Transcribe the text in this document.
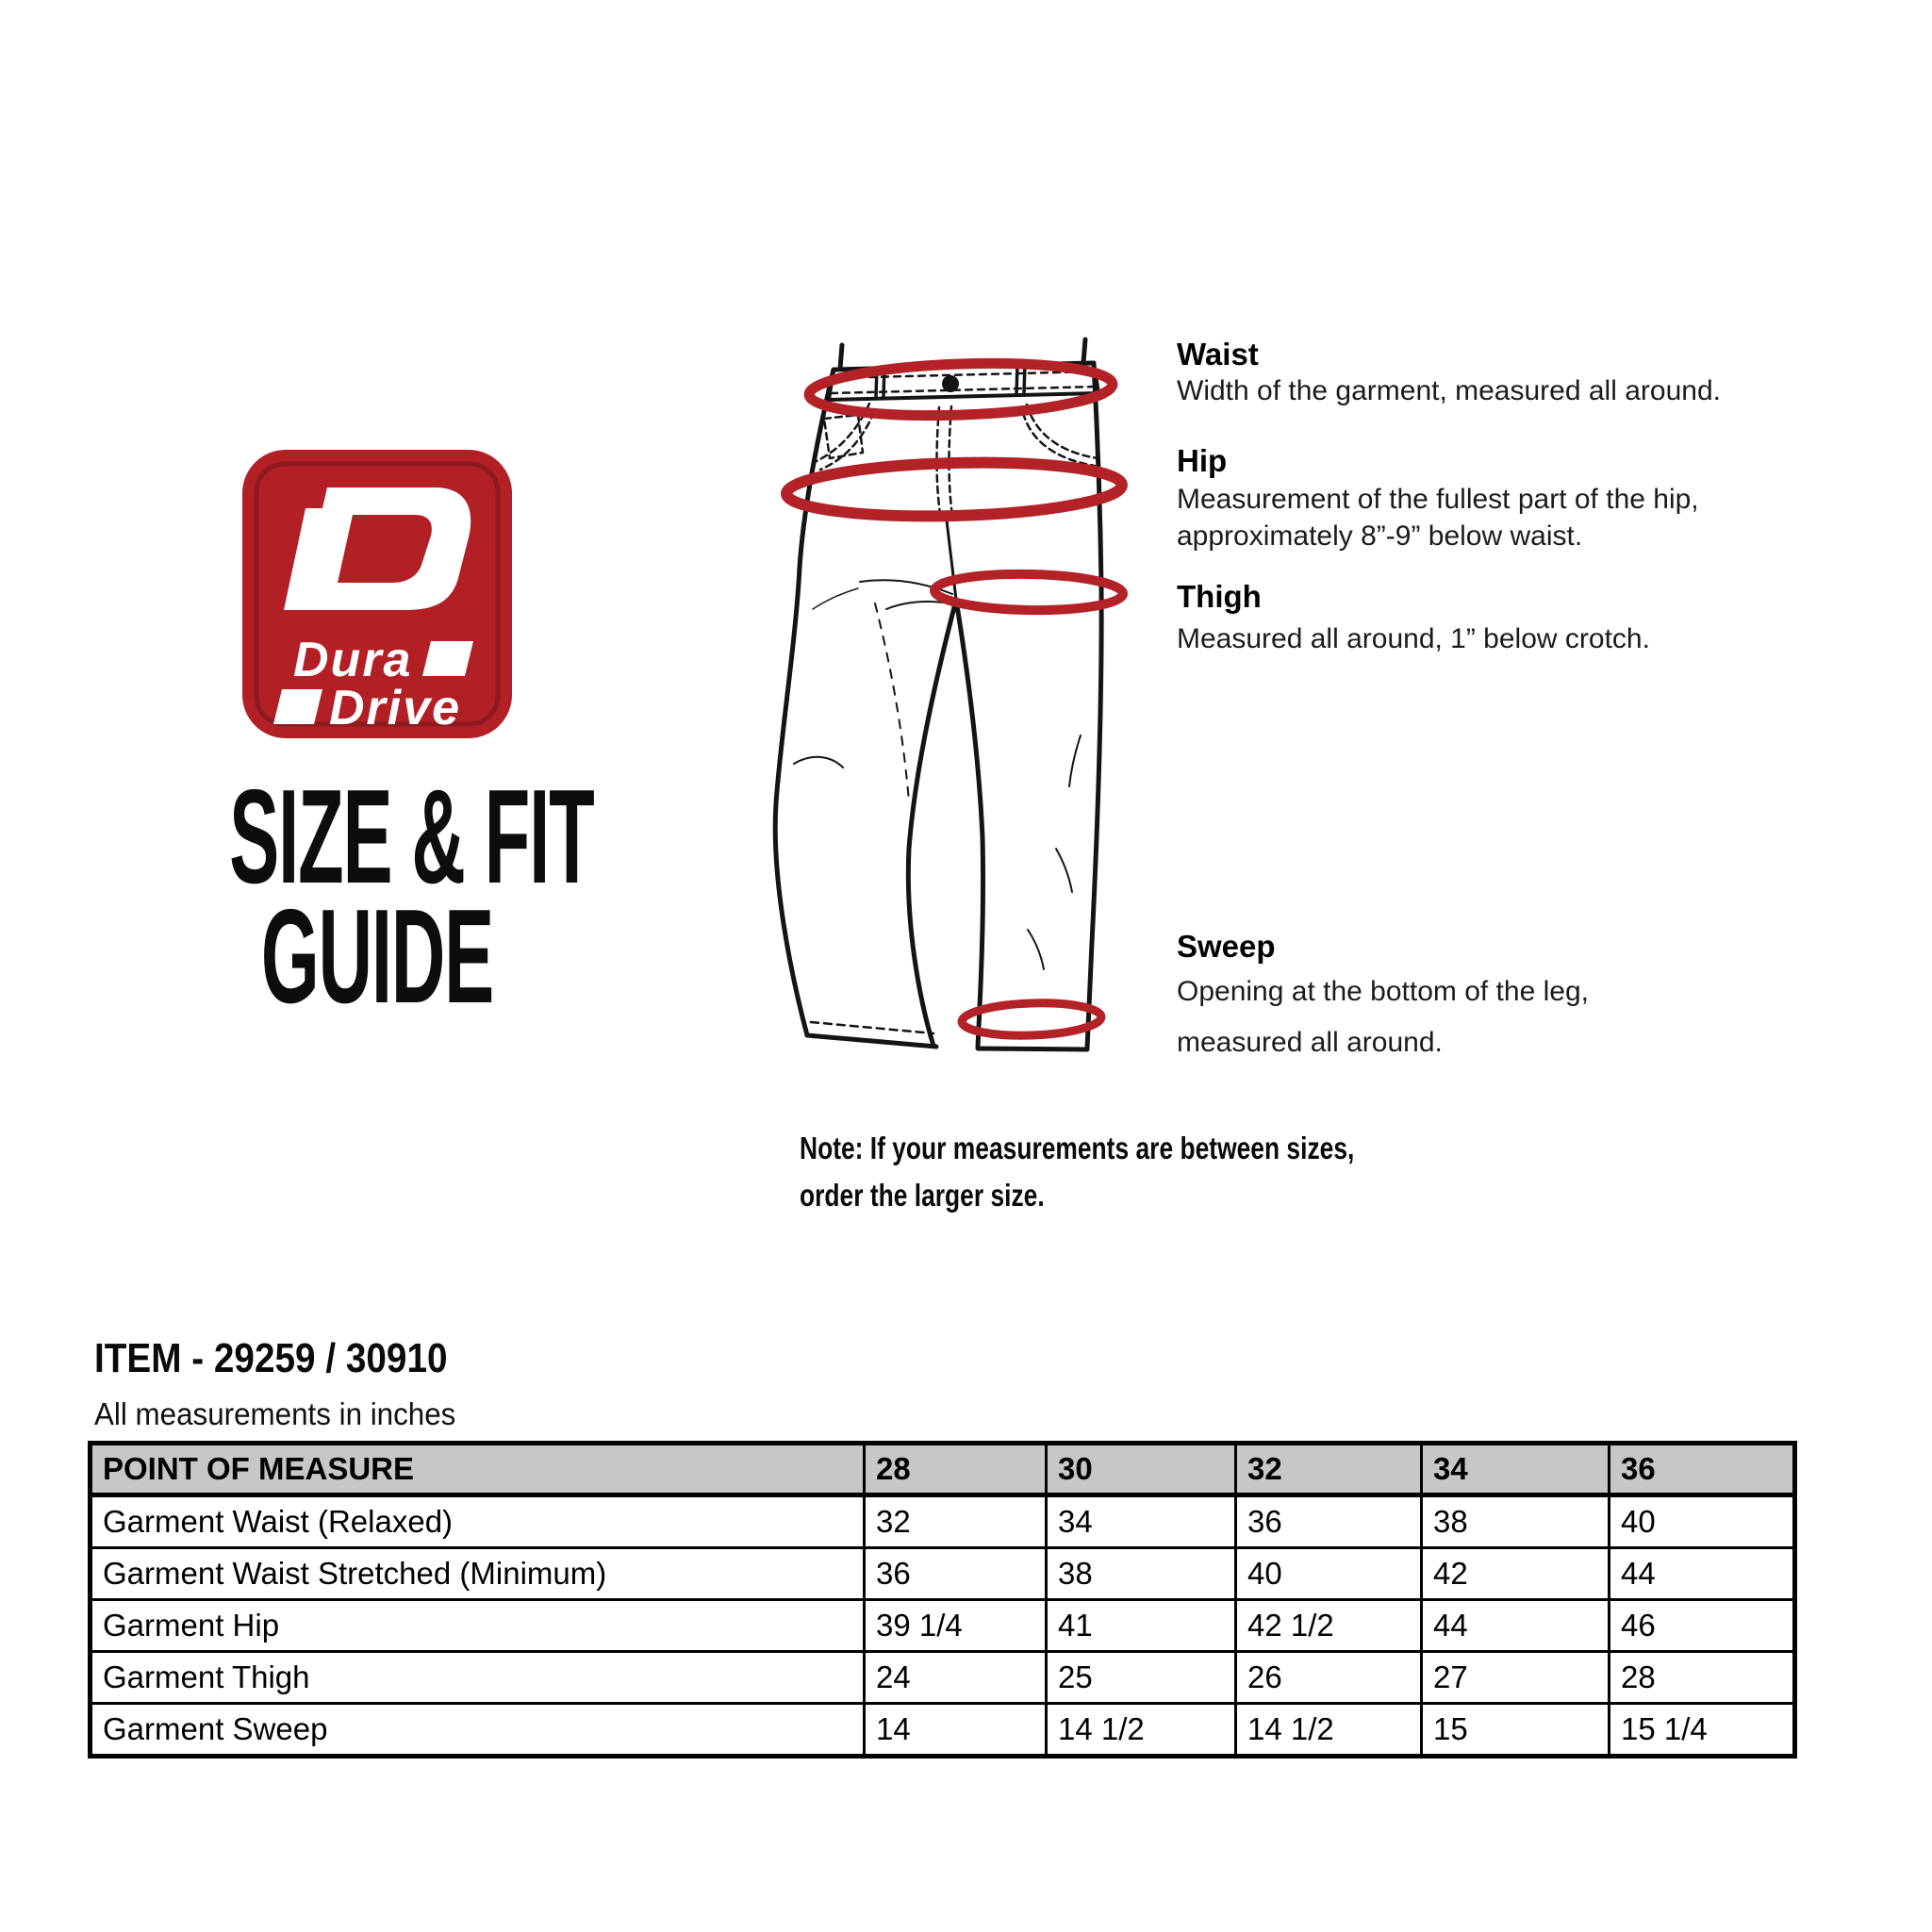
Dura
Drive
SIZE & FIT
GUIDE
Waist
Width of the garment, measured all around.
Hip
Measurement of the fullest part of the hip,
approximately 8”-9” below waist.
Thigh
Measured all around, 1” below crotch.
Sweep
Opening at the bottom of the leg,
measured all around.
Note: If your measurements are between sizes,
order the larger size.
ITEM - 29259 / 30910
All measurements in inches
POINT OF MEASURE	28	30	32	34	36
Garment Waist (Relaxed)	32	34	36	38	40
Garment Waist Stretched (Minimum)	36	38	40	42	44
Garment Hip	39 1/4	41	42 1/2	44	46
Garment Thigh	24	25	26	27	28
Garment Sweep	14	14 1/2	14 1/2	15	15 1/4
